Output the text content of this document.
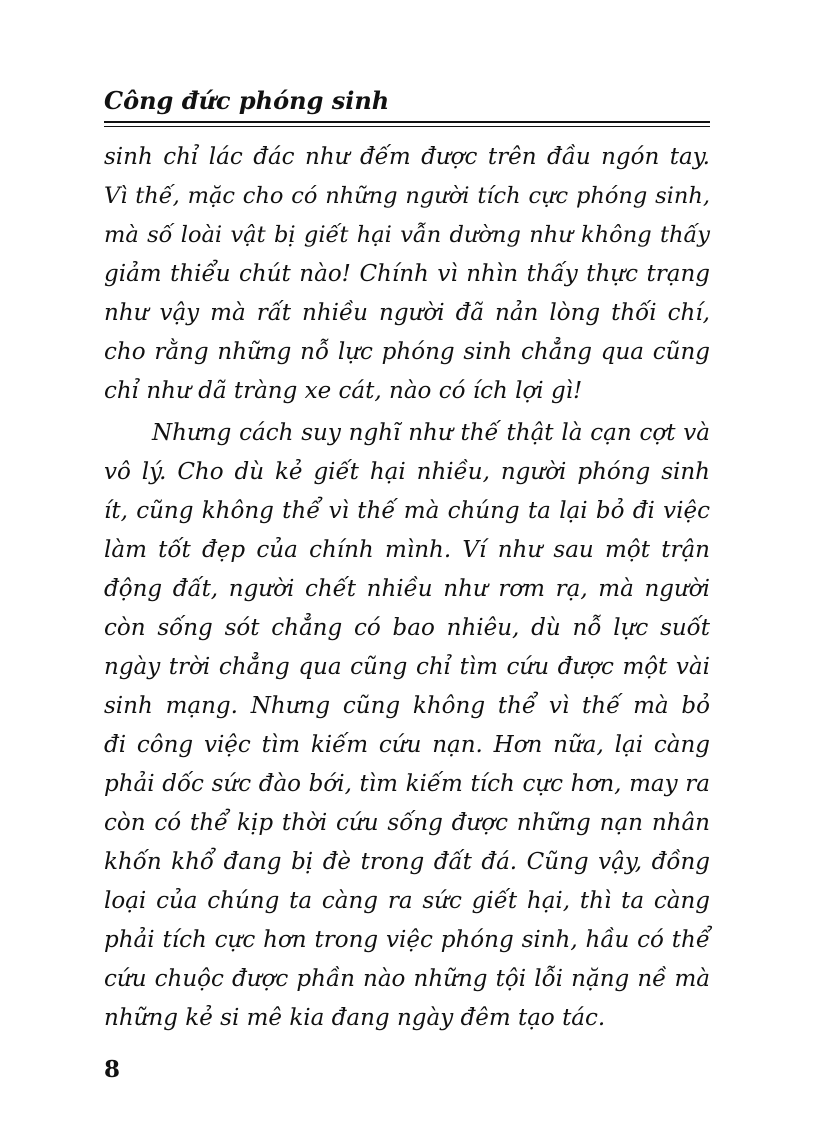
Công đức phóng sinh
sinh chỉ lác đác như đếm được trên đầu ngón tay.
Vì thế, mặc cho có những người tích cực phóng sinh,
mà số loài vật bị giết hại vẫn dường như không thấy
giảm thiểu chút nào! Chính vì nhìn thấy thực trạng
như vậy mà rất nhiều người đã nản lòng thối chí,
cho rằng những nỗ lực phóng sinh chẳng qua cũng
chỉ như dã tràng xe cát, nào có ích lợi gì!
Nhưng cách suy nghĩ như thế thật là cạn cợt và
vô lý. Cho dù kẻ giết hại nhiều, người phóng sinh
ít, cũng không thể vì thế mà chúng ta lại bỏ đi việc
làm tốt đẹp của chính mình. Ví như sau một trận
động đất, người chết nhiều như rơm rạ, mà người
còn sống sót chẳng có bao nhiêu, dù nỗ lực suốt
ngày trời chẳng qua cũng chỉ tìm cứu được một vài
sinh mạng. Nhưng cũng không thể vì thế mà bỏ
đi công việc tìm kiếm cứu nạn. Hơn nữa, lại càng
phải dốc sức đào bới, tìm kiếm tích cực hơn, may ra
còn có thể kịp thời cứu sống được những nạn nhân
khốn khổ đang bị đè trong đất đá. Cũng vậy, đồng
loại của chúng ta càng ra sức giết hại, thì ta càng
phải tích cực hơn trong việc phóng sinh, hầu có thể
cứu chuộc được phần nào những tội lỗi nặng nề mà
những kẻ si mê kia đang ngày đêm tạo tác.
8
